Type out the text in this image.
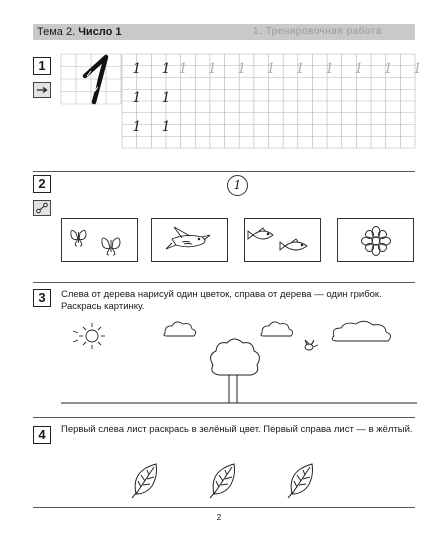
Тема 2. Число 1	1. Тренировочная работа
1	1 1 1 1 1 1 1 1 1 1 1
1 1
1 1
2	1
3	Слева от дерева нарисуй один цветок, справа от дерева — один грибок. Раскрась картинку.
4	Первый слева лист раскрась в зелёный цвет. Первый справа лист — в жёлтый.
2
